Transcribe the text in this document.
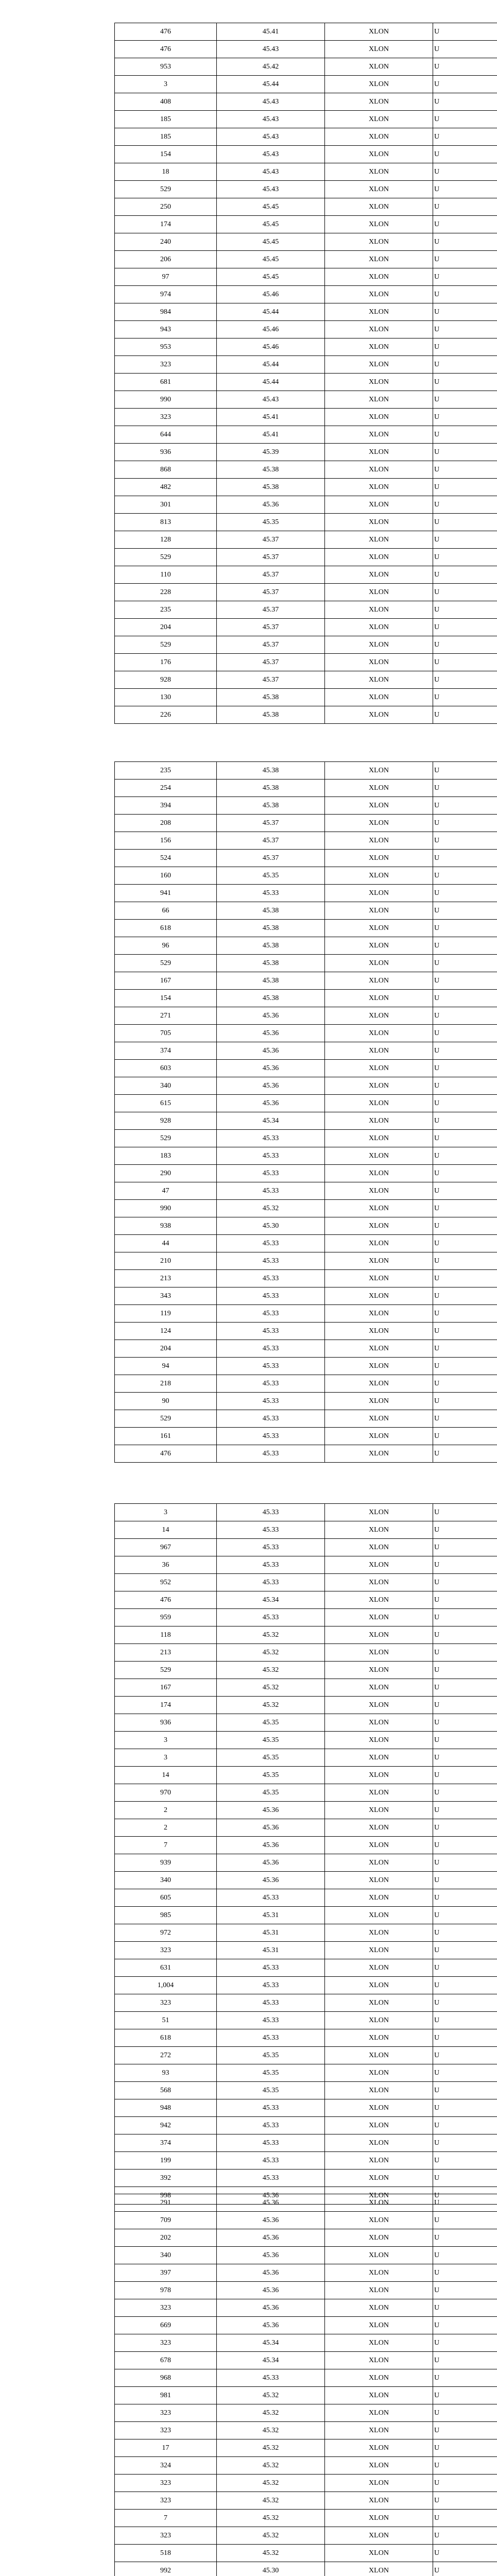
476	45.41	XLON	U
476	45.43	XLON	U
953	45.42	XLON	U
3	45.44	XLON	U
408	45.43	XLON	U
185	45.43	XLON	U
185	45.43	XLON	U
154	45.43	XLON	U
18	45.43	XLON	U
529	45.43	XLON	U
250	45.45	XLON	U
174	45.45	XLON	U
240	45.45	XLON	U
206	45.45	XLON	U
97	45.45	XLON	U
974	45.46	XLON	U
984	45.44	XLON	U
943	45.46	XLON	U
953	45.46	XLON	U
323	45.44	XLON	U
681	45.44	XLON	U
990	45.43	XLON	U
323	45.41	XLON	U
644	45.41	XLON	U
936	45.39	XLON	U
868	45.38	XLON	U
482	45.38	XLON	U
301	45.36	XLON	U
813	45.35	XLON	U
128	45.37	XLON	U
529	45.37	XLON	U
110	45.37	XLON	U
228	45.37	XLON	U
235	45.37	XLON	U
204	45.37	XLON	U
529	45.37	XLON	U
176	45.37	XLON	U
928	45.37	XLON	U
130	45.38	XLON	U
226	45.38	XLON	U
235	45.38	XLON	U
254	45.38	XLON	U
394	45.38	XLON	U
208	45.37	XLON	U
156	45.37	XLON	U
524	45.37	XLON	U
160	45.35	XLON	U
941	45.33	XLON	U
66	45.38	XLON	U
618	45.38	XLON	U
96	45.38	XLON	U
529	45.38	XLON	U
167	45.38	XLON	U
154	45.38	XLON	U
271	45.36	XLON	U
705	45.36	XLON	U
374	45.36	XLON	U
603	45.36	XLON	U
340	45.36	XLON	U
615	45.36	XLON	U
928	45.34	XLON	U
529	45.33	XLON	U
183	45.33	XLON	U
290	45.33	XLON	U
47	45.33	XLON	U
990	45.32	XLON	U
938	45.30	XLON	U
44	45.33	XLON	U
210	45.33	XLON	U
213	45.33	XLON	U
343	45.33	XLON	U
119	45.33	XLON	U
124	45.33	XLON	U
204	45.33	XLON	U
94	45.33	XLON	U
218	45.33	XLON	U
90	45.33	XLON	U
529	45.33	XLON	U
161	45.33	XLON	U
476	45.33	XLON	U
3	45.33	XLON	U
14	45.33	XLON	U
967	45.33	XLON	U
36	45.33	XLON	U
952	45.33	XLON	U
476	45.34	XLON	U
959	45.33	XLON	U
118	45.32	XLON	U
213	45.32	XLON	U
529	45.32	XLON	U
167	45.32	XLON	U
174	45.32	XLON	U
936	45.35	XLON	U
3	45.35	XLON	U
3	45.35	XLON	U
14	45.35	XLON	U
970	45.35	XLON	U
2	45.36	XLON	U
2	45.36	XLON	U
7	45.36	XLON	U
939	45.36	XLON	U
340	45.36	XLON	U
605	45.33	XLON	U
985	45.31	XLON	U
972	45.31	XLON	U
323	45.31	XLON	U
631	45.33	XLON	U
1,004	45.33	XLON	U
323	45.33	XLON	U
51	45.33	XLON	U
618	45.33	XLON	U
272	45.35	XLON	U
93	45.35	XLON	U
568	45.35	XLON	U
948	45.33	XLON	U
942	45.33	XLON	U
374	45.33	XLON	U
199	45.33	XLON	U
392	45.33	XLON	U
998	45.36	XLON	U
291	45.36	XLON	U
709	45.36	XLON	U
202	45.36	XLON	U
340	45.36	XLON	U
397	45.36	XLON	U
978	45.36	XLON	U
323	45.36	XLON	U
669	45.36	XLON	U
323	45.34	XLON	U
678	45.34	XLON	U
968	45.33	XLON	U
981	45.32	XLON	U
323	45.32	XLON	U
323	45.32	XLON	U
17	45.32	XLON	U
324	45.32	XLON	U
323	45.32	XLON	U
323	45.32	XLON	U
7	45.32	XLON	U
323	45.32	XLON	U
518	45.32	XLON	U
992	45.30	XLON	U
